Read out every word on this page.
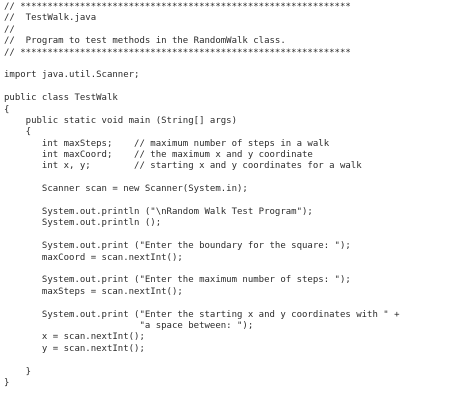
// *************************************************************
//  TestWalk.java
//
//  Program to test methods in the RandomWalk class.
// *************************************************************
import java.util.Scanner;
public class TestWalk
{
public static void main (String[] args)
{
int maxSteps;    // maximum number of steps in a walk
int maxCoord;    // the maximum x and y coordinate
int x, y;        // starting x and y coordinates for a walk
Scanner scan = new Scanner(System.in);
System.out.println ("\nRandom Walk Test Program");
System.out.println ();
System.out.print ("Enter the boundary for the square: ");
maxCoord = scan.nextInt();
System.out.print ("Enter the maximum number of steps: ");
maxSteps = scan.nextInt();
System.out.print ("Enter the starting x and y coordinates with " +
"a space between: ");
x = scan.nextInt();
y = scan.nextInt();
}
}
